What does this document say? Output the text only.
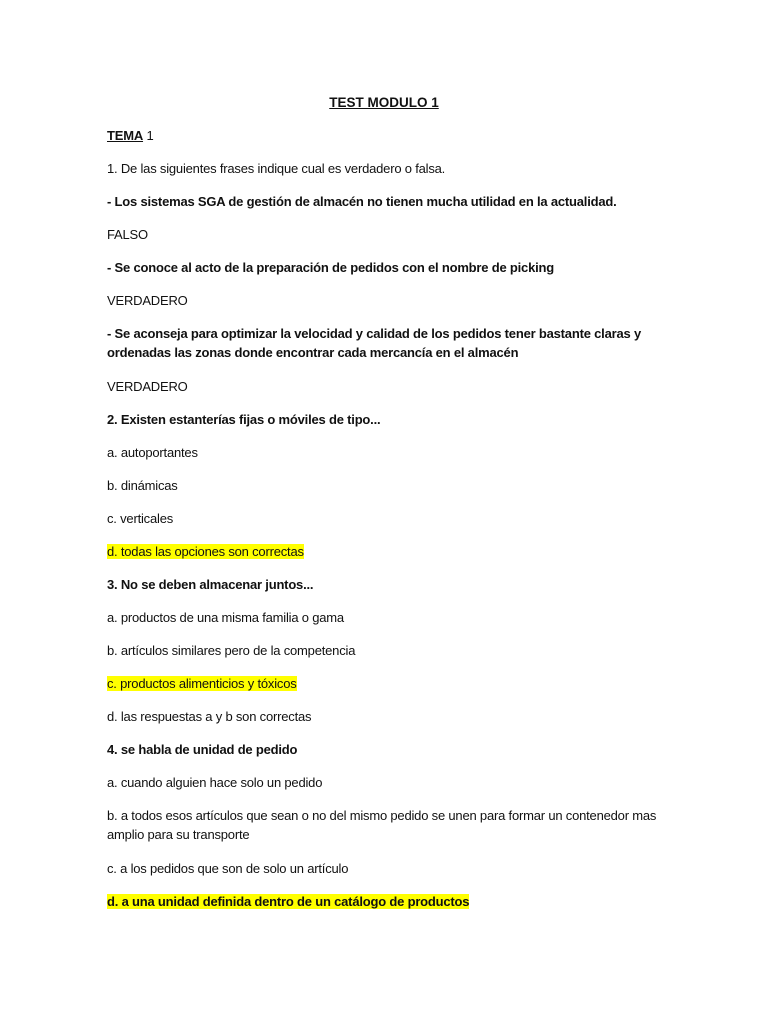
TEST MODULO 1
TEMA 1
1. De las siguientes frases indique cual es verdadero o falsa.
- Los sistemas SGA de gestión de almacén no tienen mucha utilidad en la actualidad.
FALSO
- Se conoce al acto de la preparación de pedidos con el nombre de picking
VERDADERO
- Se aconseja para optimizar la velocidad y calidad de los pedidos tener bastante claras y ordenadas las zonas donde encontrar cada mercancía en el almacén
VERDADERO
2. Existen estanterías fijas o móviles de tipo...
a. autoportantes
b. dinámicas
c. verticales
d. todas las opciones son correctas
3. No se deben almacenar juntos...
a. productos de una misma familia o gama
b. artículos similares pero de la competencia
c. productos alimenticios y tóxicos
d. las respuestas a y b son correctas
4. se habla de unidad de pedido
a. cuando alguien hace solo un pedido
b. a todos esos artículos que sean o no del mismo pedido se unen para formar un contenedor mas amplio para su transporte
c. a los pedidos que son de solo un artículo
d. a una unidad definida dentro de un catálogo de productos
